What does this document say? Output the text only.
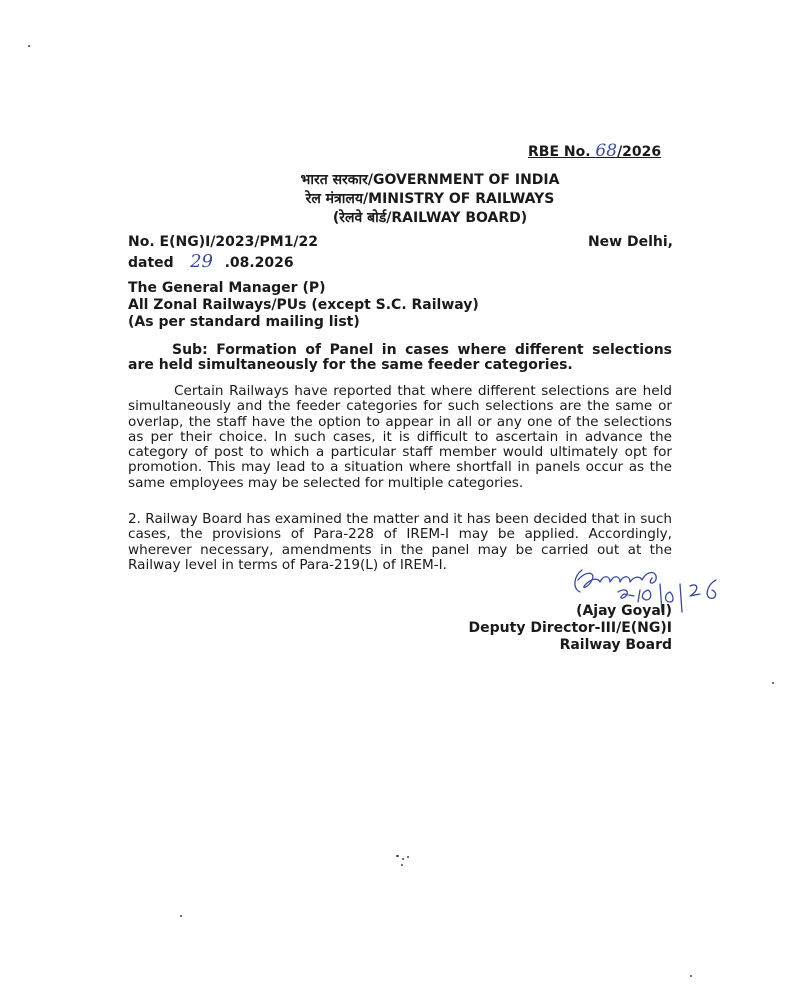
RBE No. 68/2026
भारत सरकार/GOVERNMENT OF INDIA
रेल मंत्रालय/MINISTRY OF RAILWAYS
(रेलवे बोर्ड/RAILWAY BOARD)
No. E(NG)I/2023/PM1/22	New Delhi,
dated 29 .08.2026
The General Manager (P)
All Zonal Railways/PUs (except S.C. Railway)
(As per standard mailing list)
Sub: Formation of Panel in cases where different selections are held simultaneously for the same feeder categories.
Certain Railways have reported that where different selections are held simultaneously and the feeder categories for such selections are the same or overlap, the staff have the option to appear in all or any one of the selections as per their choice. In such cases, it is difficult to ascertain in advance the category of post to which a particular staff member would ultimately opt for promotion. This may lead to a situation where shortfall in panels occur as the same employees may be selected for multiple categories.
2. Railway Board has examined the matter and it has been decided that in such cases, the provisions of Para-228 of IREM-I may be applied. Accordingly, wherever necessary, amendments in the panel may be carried out at the Railway level in terms of Para-219(L) of IREM-I.
(Ajay Goyal)
Deputy Director-III/E(NG)I
Railway Board
